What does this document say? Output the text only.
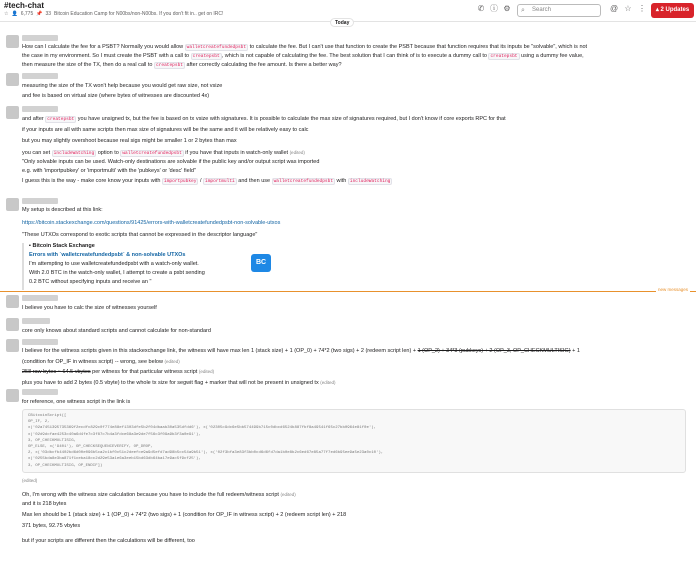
#tech-chat
☆ 👤 6,775 📌 33 Bitcoin Education Camp for N00bs/non-N00bs. If you don't fit in.. get on IRC!
✆ ⓘ ⚙ ⌕ Search	@ ☆ ⋮	▴ 2 Updates
Today
How can I calculate the fee for a PSBT? Normally you would allow walletcreatefundedpsbt to calculate the fee. But I can't use that function to create the PSBT because that function requires that its inputs be "solvable", which is not
the case in my environment. So I must create the PSBT with a call to createpsbt , which is not capable of calculating the fee. The best solution that I can think of is to execute a dummy call to createpsbt using a dummy fee value,
then measure the size of the TX, then do a real call to createpsbt after correctly calculating the fee amount. Is there a better way?
measuring the size of the TX won't help because you would get raw size, not vsize
and fee is based on virtual size (where bytes of witnesses are discounted 4x)
and after createpsbt you have unsigned tx, but the fee is based on tx vsize with signatures. It is possible to calculate the max size of signatures required, but I don't know if core exports RPC for that
if your inputs are all with same scripts then max size of signatures will be the same and it will be relatively easy to calc
but you may slightly overshoot because real sigs might be smaller 1 or 2 bytes than max
you can set includeWatching option to walletcreatefundedpsbt if you have that inputs in watch-only wallet (edited)
"Only solvable inputs can be used. Watch-only destinations are solvable if the public key and/or output script was imported
e.g. with 'importpubkey' or 'importmulti' with the 'pubkeys' or 'desc' field"
I guess this is the way - make core know your inputs with importpubkey / importmulti and then use walletcreatefundedpsbt with includeWatching
My setup is described at this link:
https://bitcoin.stackexchange.com/questions/91425/errors-with-walletcreatefundedpsbt-non-solvable-utxos
"These UTXOs correspond to exotic scripts that cannot be expressed in the descriptor language"
▪ Bitcoin Stack Exchange
Errors with `walletcreatefundedpsbt` & non-solvable UTXOs
I'm attempting to use walletcreatefundedpsbt with a watch-only wallet.
With 2.0 BTC in the watch-only wallet, I attempt to create a psbt sending
0.2 BTC without specifying inputs and receive an "
BC
new messages
I believe you have to calc the size of witnesses yourself
core only knows about standard scripts and cannot calculate for non-standard
I believe for the witness scripts given in this stackexchange link, the witness will have max len 1 (stack size) + 1 (OP_0) + 74*2 (two sigs) + 2 (redeem script len) + 1 (OP_2) + 34*3 (pubkeys) + 2 (OP_3, OP_CHECKMULTISIG) + 1
(condition for OP_IF in witness script) -- wrong, see below (edited)
258 raw bytes ~ 64.5 vbytes per witness for that particular witness script (edited)
plus you have to add 2 bytes (0.5 vbyte) to the whole tx size for segwit flag + marker that will not be present in unsigned tx (edited)
for reference, one witness script in the link is
CBitcoinScript([
OP_IF, 2,
x('02a7451395735369f2ecdfc829c0f774e88ef1303dfe5b2f04dbaab30a535dfdd6'), x('02305c9dc6e5bb574499b715c0dbcd6524b887fbf8a49541f65c27bb0964e81f0e'),
x('02d9dcfae4253c40a6d4fe7c3f87c7b4a3fdce68a3e9de7f56c3f09a9b3f3a0e91'),
3, OP_CHECKMULTISIG,
OP_ELSE, x('9401'), OP_CHECKSEQUENCEVERIFY, OP_DROP,
2, x('03dbcfb4402bd6d00e096b5ca2c1bf0c51c2deefce9a9d5efd7ad98b5cc54a9b51'), x('02f3bfa3e83f3bb0cd6d6fd7da1b0e8b2c6ed67e85a77f7ed6b95ee9a5e23a0c10'),
x('0255bda8e3ba871f1ceba18cc2d29e53a1e6a3eeb15bd63db64ba17e9ac5f9cf25'),
3, OP_CHECKMULTISIG, OP_ENDIF])
(edited)
Oh, I'm wrong with the witness size calculation because you have to include the full redeem/witness script (edited)
and it is 218 bytes
Max len should be 1 (stack size) + 1 (OP_0) + 74*2 (two sigs) + 1 (condition for OP_IF in witness script) + 2 (redeem script len) + 218
371 bytes, 92.75 vbytes
but if your scripts are different then the calculations will be different, too
